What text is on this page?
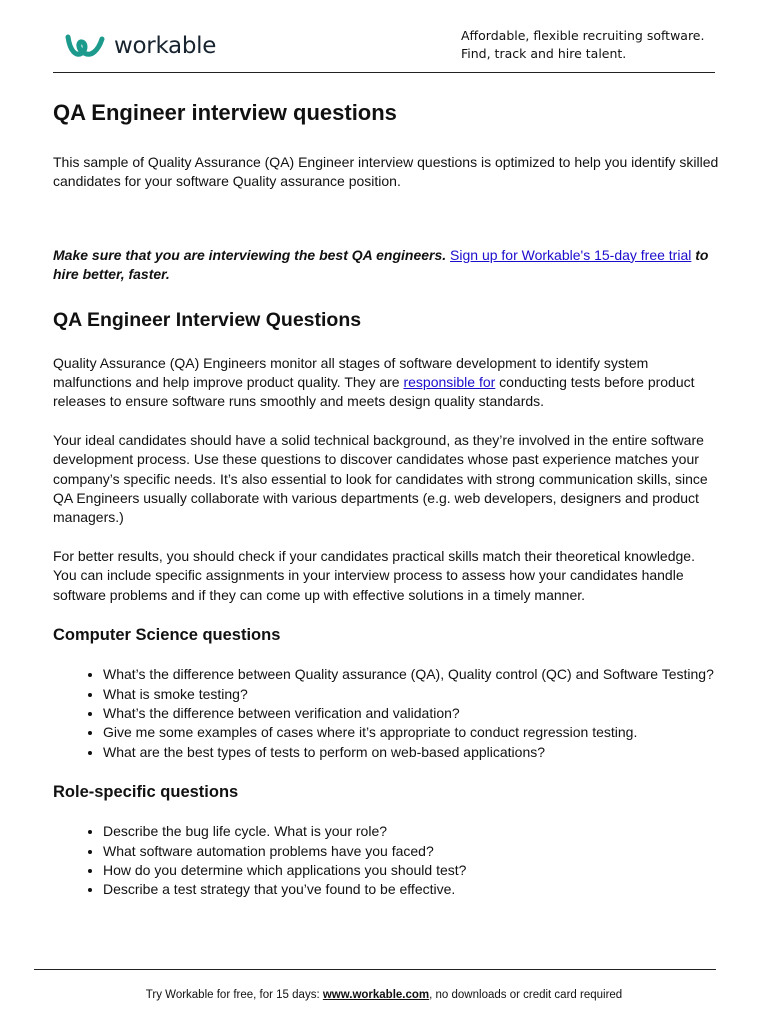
workable	Affordable, flexible recruiting software.
Find, track and hire talent.
QA Engineer interview questions

This sample of Quality Assurance (QA) Engineer interview questions is optimized to help you identify skilled candidates for your software Quality assurance position.

Make sure that you are interviewing the best QA engineers. Sign up for Workable's 15-day free trial to hire better, faster.

QA Engineer Interview Questions

Quality Assurance (QA) Engineers monitor all stages of software development to identify system malfunctions and help improve product quality. They are responsible for conducting tests before product releases to ensure software runs smoothly and meets design quality standards.

Your ideal candidates should have a solid technical background, as they’re involved in the entire software development process. Use these questions to discover candidates whose past experience matches your company’s specific needs. It’s also essential to look for candidates with strong communication skills, since QA Engineers usually collaborate with various departments (e.g. web developers, designers and product managers.)

For better results, you should check if your candidates practical skills match their theoretical knowledge. You can include specific assignments in your interview process to assess how your candidates handle software problems and if they can come up with effective solutions in a timely manner.

Computer Science questions
• What’s the difference between Quality assurance (QA), Quality control (QC) and Software Testing?
• What is smoke testing?
• What’s the difference between verification and validation?
• Give me some examples of cases where it’s appropriate to conduct regression testing.
• What are the best types of tests to perform on web-based applications?
Role-specific questions
• Describe the bug life cycle. What is your role?
• What software automation problems have you faced?
• How do you determine which applications you should test?
• Describe a test strategy that you’ve found to be effective.
Try Workable for free, for 15 days: www.workable.com, no downloads or credit card required
